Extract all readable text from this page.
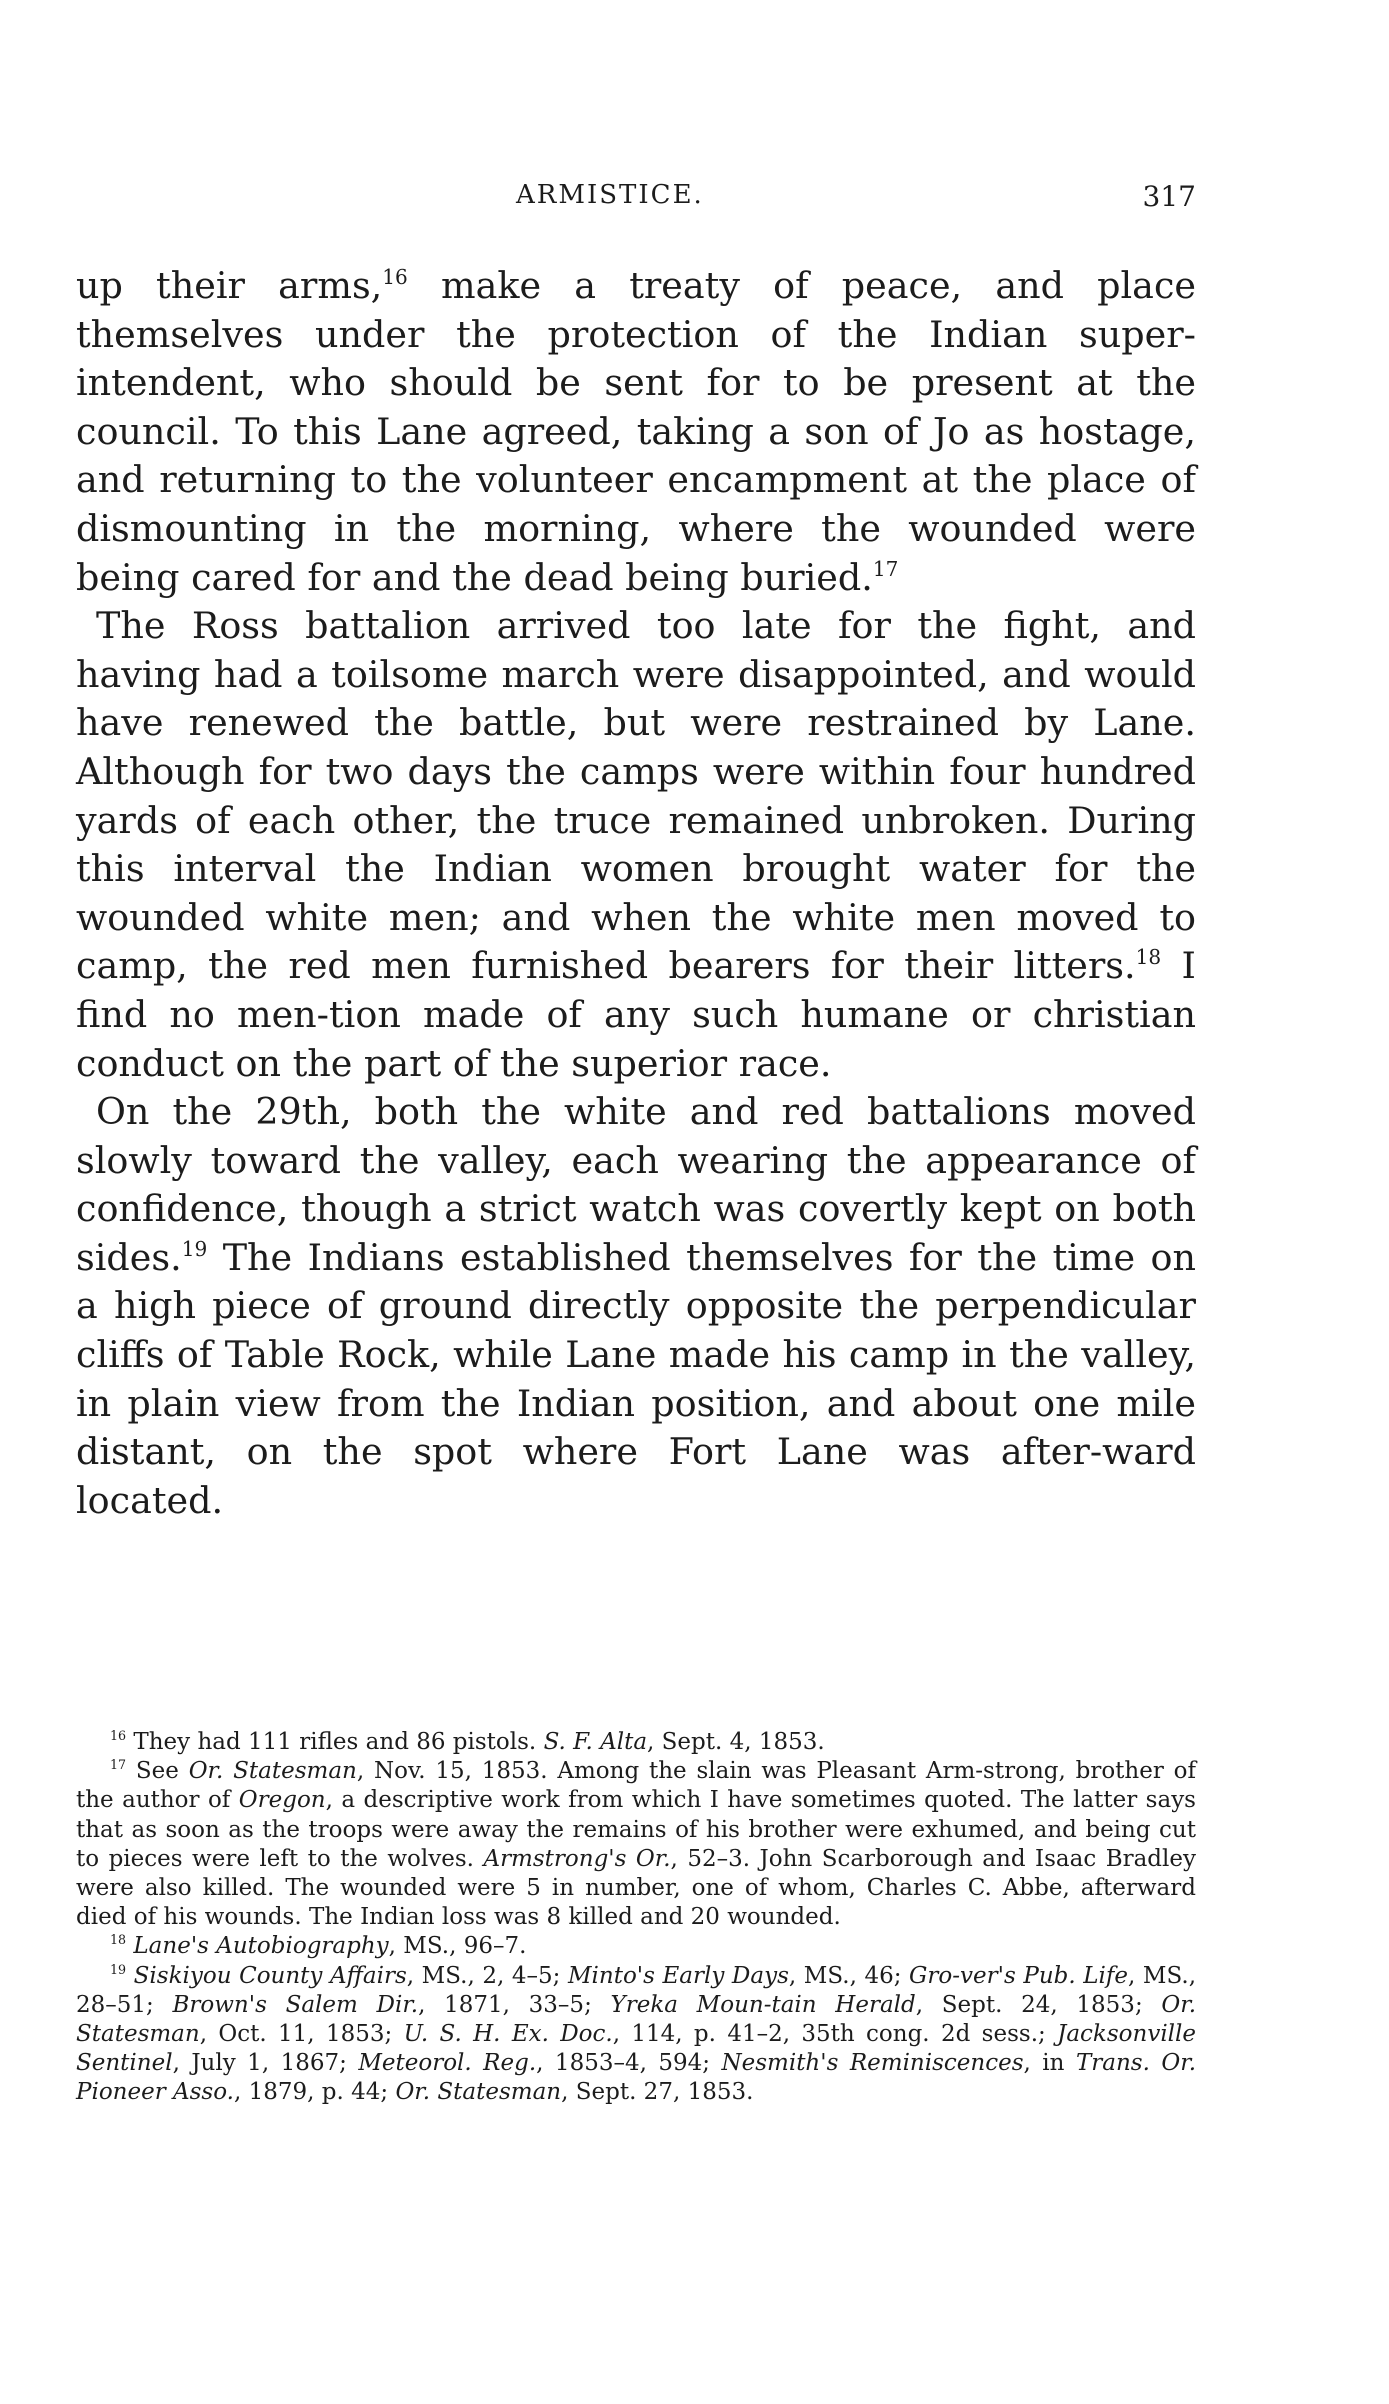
ARMISTICE.	317

up their arms,$^{16}$ make a treaty of peace, and place themselves under the protection of the Indian super-intendent, who should be sent for to be present at the council. To this Lane agreed, taking a son of Jo as hostage, and returning to the volunteer encampment at the place of dismounting in the morning, where the wounded were being cared for and the dead being buried.$^{17}$

The Ross battalion arrived too late for the fight, and having had a toilsome march were disappointed, and would have renewed the battle, but were restrained by Lane. Although for two days the camps were within four hundred yards of each other, the truce remained unbroken. During this interval the Indian women brought water for the wounded white men; and when the white men moved to camp, the red men furnished bearers for their litters.$^{18}$ I find no men-tion made of any such humane or christian conduct on the part of the superior race.

On the 29th, both the white and red battalions moved slowly toward the valley, each wearing the appearance of confidence, though a strict watch was covertly kept on both sides.$^{19}$ The Indians established themselves for the time on a high piece of ground directly opposite the perpendicular cliffs of Table Rock, while Lane made his camp in the valley, in plain view from the Indian position, and about one mile distant, on the spot where Fort Lane was after-ward located.

$^{16}$ They had 111 rifles and 86 pistols. S. F. Alta, Sept. 4, 1853.

$^{17}$ See Or. Statesman, Nov. 15, 1853. Among the slain was Pleasant Arm-strong, brother of the author of Oregon, a descriptive work from which I have sometimes quoted. The latter says that as soon as the troops were away the remains of his brother were exhumed, and being cut to pieces were left to the wolves. Armstrong's Or., 52–3. John Scarborough and Isaac Bradley were also killed. The wounded were 5 in number, one of whom, Charles C. Abbe, afterward died of his wounds. The Indian loss was 8 killed and 20 wounded.

$^{18}$ Lane's Autobiography, MS., 96–7.

$^{19}$ Siskiyou County Affairs, MS., 2, 4–5; Minto's Early Days, MS., 46; Gro-ver's Pub. Life, MS., 28–51; Brown's Salem Dir., 1871, 33–5; Yreka Moun-tain Herald, Sept. 24, 1853; Or. Statesman, Oct. 11, 1853; U. S. H. Ex. Doc., 114, p. 41–2, 35th cong. 2d sess.; Jacksonville Sentinel, July 1, 1867; Meteorol. Reg., 1853–4, 594; Nesmith's Reminiscences, in Trans. Or. Pioneer Asso., 1879, p. 44; Or. Statesman, Sept. 27, 1853.
